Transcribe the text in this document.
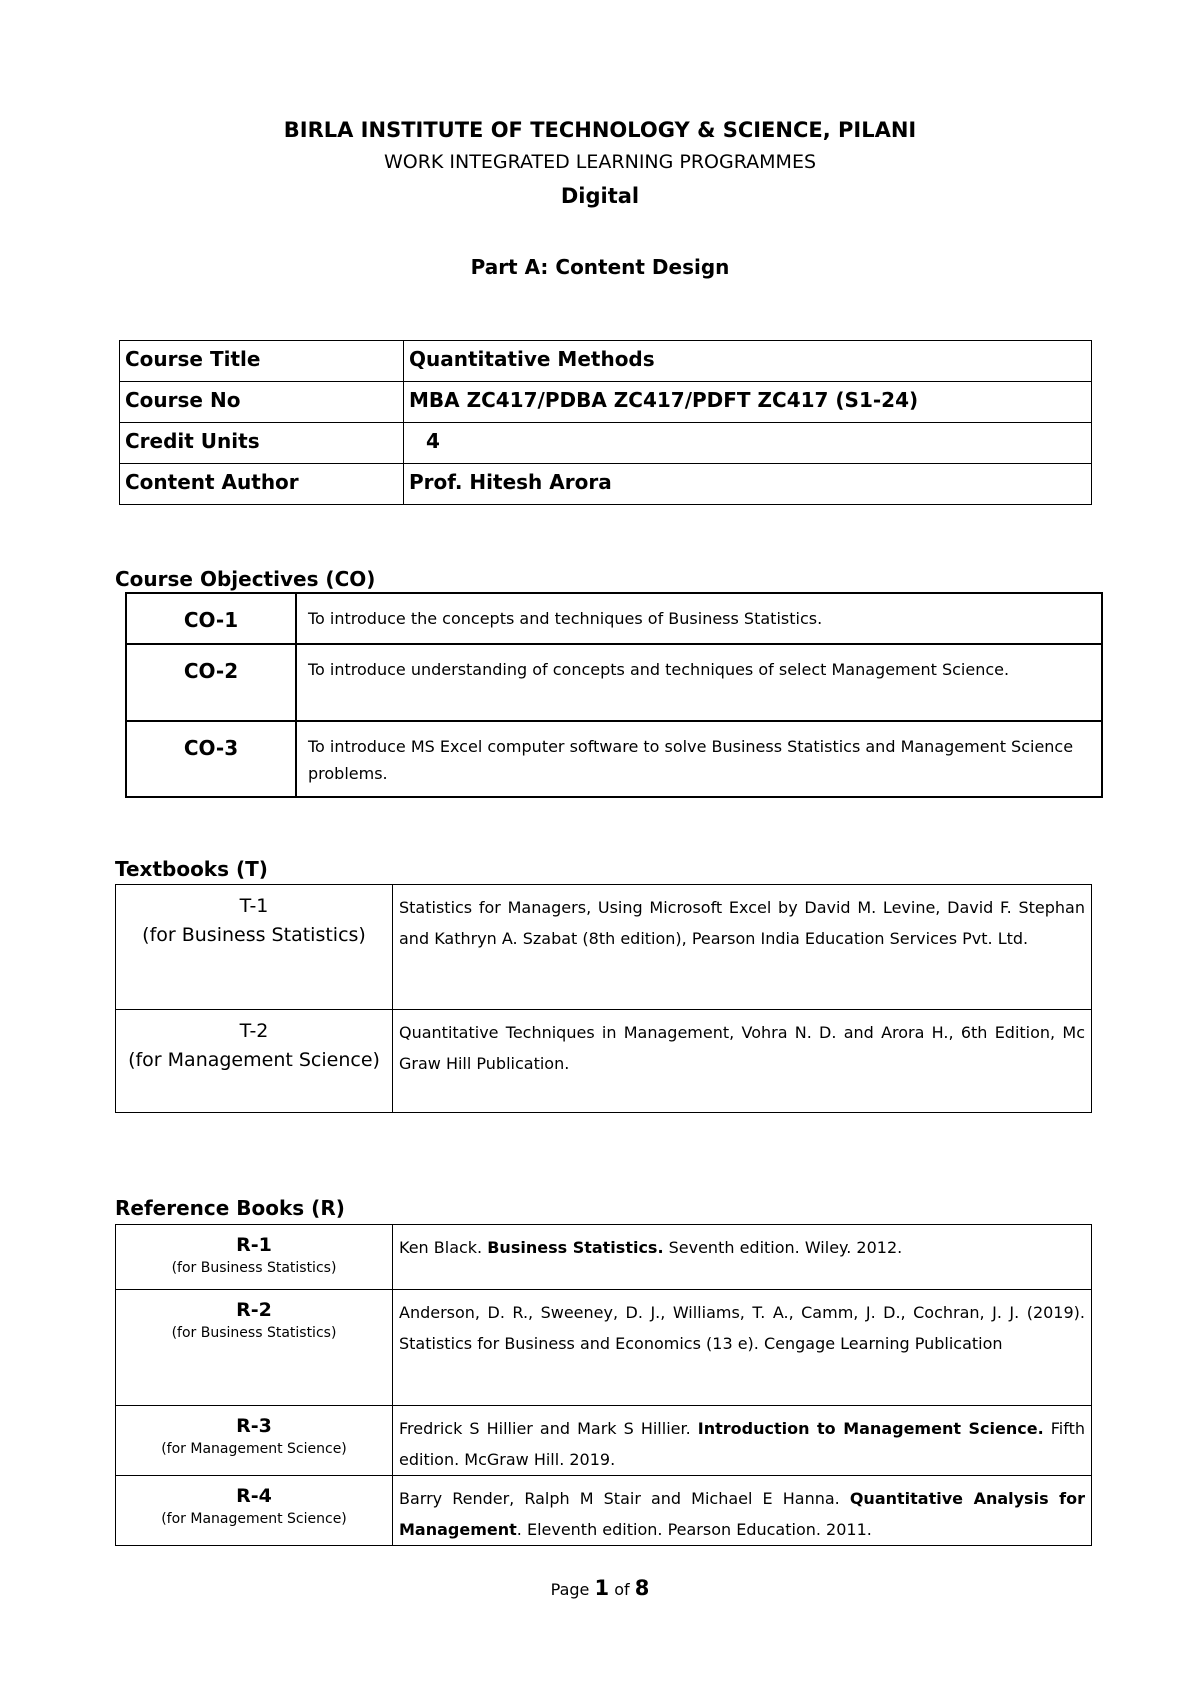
BIRLA INSTITUTE OF TECHNOLOGY & SCIENCE, PILANI
WORK INTEGRATED LEARNING PROGRAMMES
Digital
Part A: Content Design
Course Title	Quantitative Methods
Course No	MBA ZC417/PDBA ZC417/PDFT ZC417 (S1-24)
Credit Units	4
Content Author	Prof. Hitesh Arora
Course Objectives (CO)
CO-1	To introduce the concepts and techniques of Business Statistics.
CO-2	To introduce understanding of concepts and techniques of select Management Science.
CO-3	To introduce MS Excel computer software to solve Business Statistics and Management Science problems.
Textbooks (T)
T-1
(for Business Statistics)	Statistics for Managers, Using Microsoft Excel by David M. Levine, David F. Stephan and Kathryn A. Szabat (8th edition), Pearson India Education Services Pvt. Ltd.

T-2
(for Management Science)	Quantitative Techniques in Management, Vohra N. D. and Arora H., 6th Edition, Mc Graw Hill Publication.
Reference Books (R)
R-1
(for Business Statistics)	Ken Black. Business Statistics. Seventh edition. Wiley. 2012.

R-2
(for Business Statistics)	Anderson, D. R., Sweeney, D. J., Williams, T. A., Camm, J. D., Cochran, J. J. (2019). Statistics for Business and Economics (13 e). Cengage Learning Publication

R-3
(for Management Science)	Fredrick S Hillier and Mark S Hillier. Introduction to Management Science. Fifth edition. McGraw Hill. 2019.

R-4
(for Management Science)	Barry Render, Ralph M Stair and Michael E Hanna. Quantitative Analysis for Management. Eleventh edition. Pearson Education. 2011.
Page 1 of 8
